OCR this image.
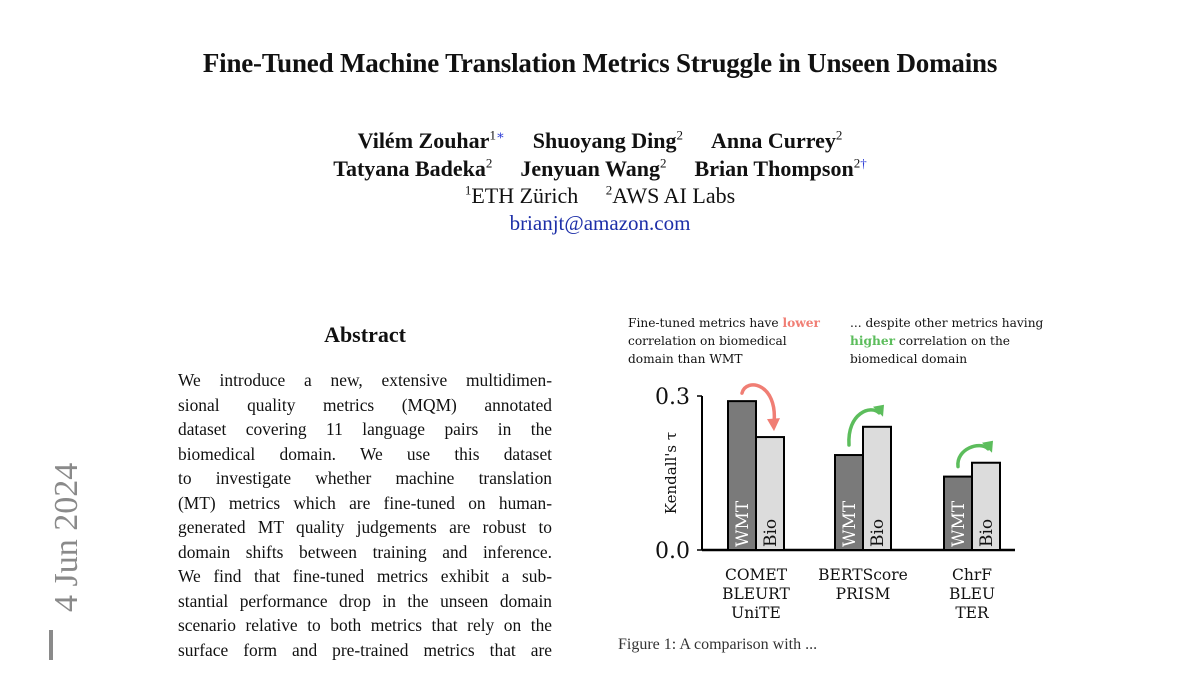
Fine-Tuned Machine Translation Metrics Struggle in Unseen Domains
Vilém Zouhar$^{1∗}$ Shuoyang Ding$^2$ Anna Currey$^2$
Tatyana Badeka$^2$ Jenyuan Wang$^2$ Brian Thompson$^{2\dagger}$
$^1$ETH Zürich $^2$AWS AI Labs
brianjt@amazon.com
4 Jun 2024
Abstract
We introduce a new, extensive multidimen-
sional quality metrics (MQM) annotated
dataset covering 11 language pairs in the
biomedical domain. We use this dataset
to investigate whether machine translation
(MT) metrics which are fine-tuned on human-
generated MT quality judgements are robust to
domain shifts between training and inference.
We find that fine-tuned metrics exhibit a sub-
stantial performance drop in the unseen domain
scenario relative to both metrics that rely on the
surface form and pre-trained metrics that are
Fine-tuned metrics have lower
correlation on biomedical
domain than WMT
... despite other metrics having
higher correlation on the
biomedical domain
0.0
0.3
Kendall's τ
WMT Bio
COMET
BLEURT
UniTE
WMT Bio
BERTScore
PRISM
WMT Bio
ChrF
BLEU
TER
Figure 1: A comparison with ...
